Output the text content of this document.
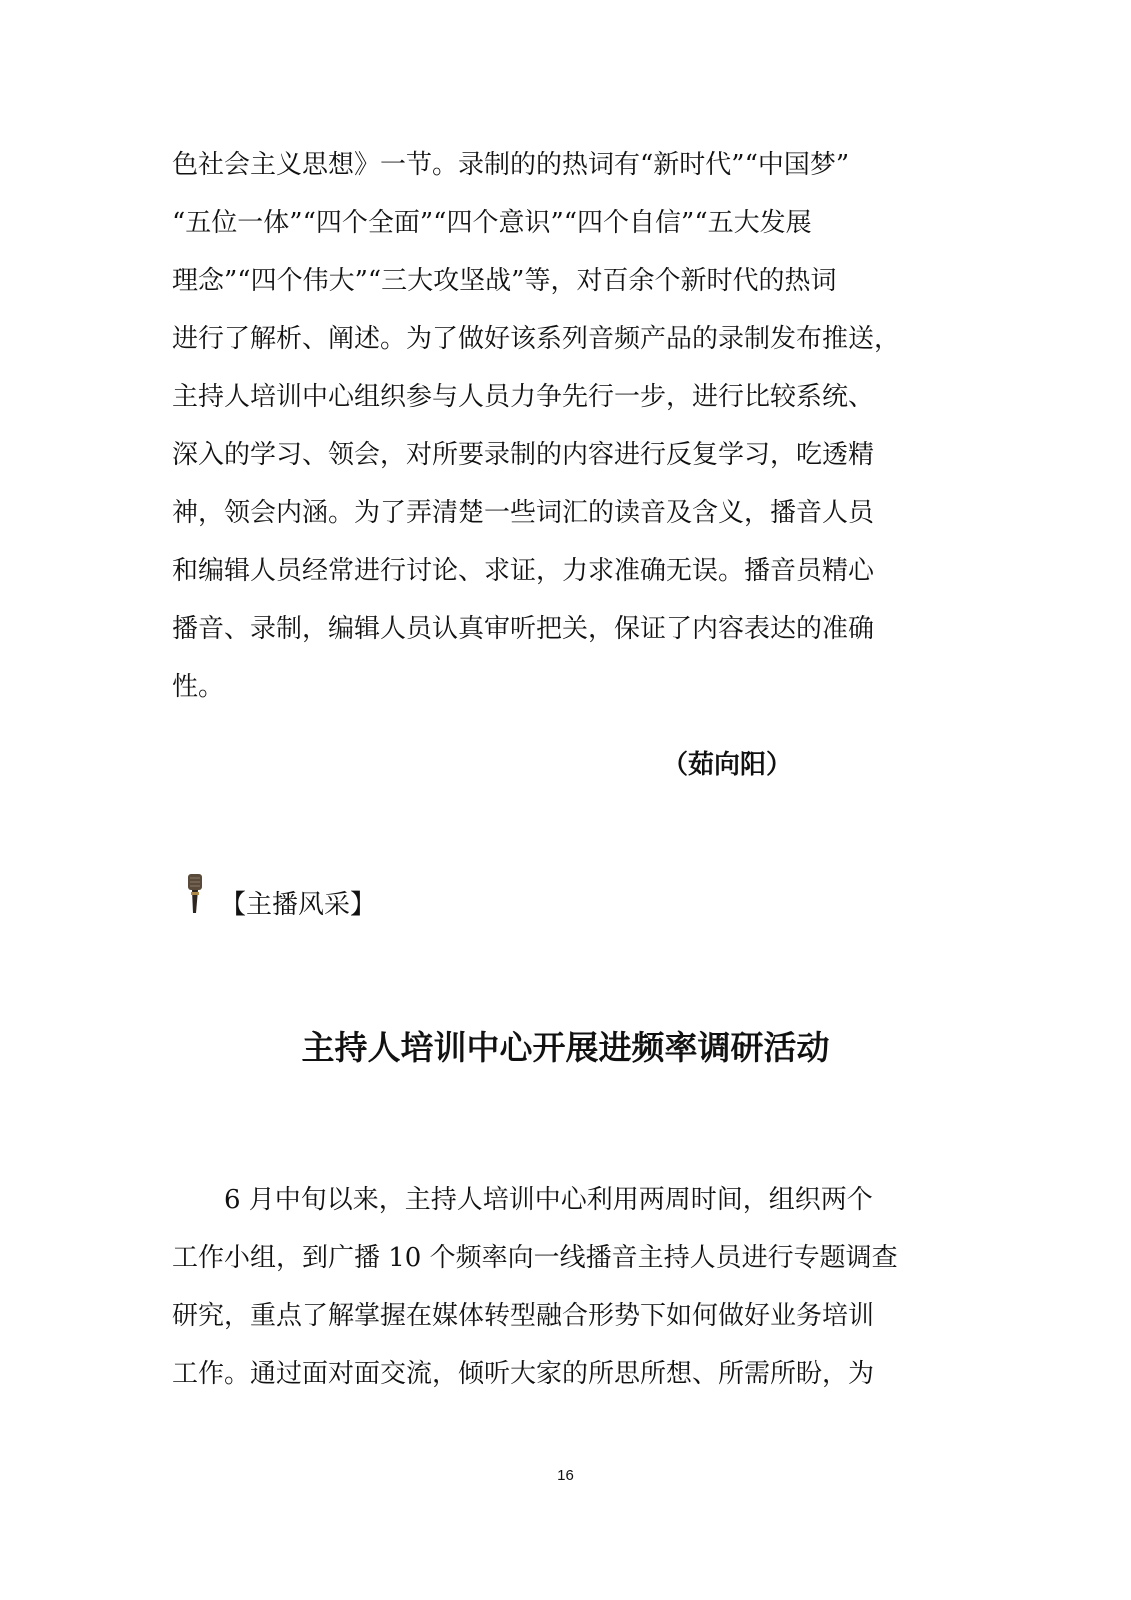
色社会主义思想》一节。录制的的热词有“新时代”“中国梦”
“五位一体”“四个全面”“四个意识”“四个自信”“五大发展
理念”“四个伟大”“三大攻坚战”等，对百余个新时代的热词
进行了解析、阐述。为了做好该系列音频产品的录制发布推送，
主持人培训中心组织参与人员力争先行一步，进行比较系统、
深入的学习、领会，对所要录制的内容进行反复学习，吃透精
神，领会内涵。为了弄清楚一些词汇的读音及含义，播音人员
和编辑人员经常进行讨论、求证，力求准确无误。播音员精心
播音、录制，编辑人员认真审听把关，保证了内容表达的准确
性。
（茹向阳）
【主播风采】
主持人培训中心开展进频率调研活动
6 月中旬以来，主持人培训中心利用两周时间，组织两个
工作小组，到广播 10 个频率向一线播音主持人员进行专题调查
研究，重点了解掌握在媒体转型融合形势下如何做好业务培训
工作。通过面对面交流，倾听大家的所思所想、所需所盼，为
16
